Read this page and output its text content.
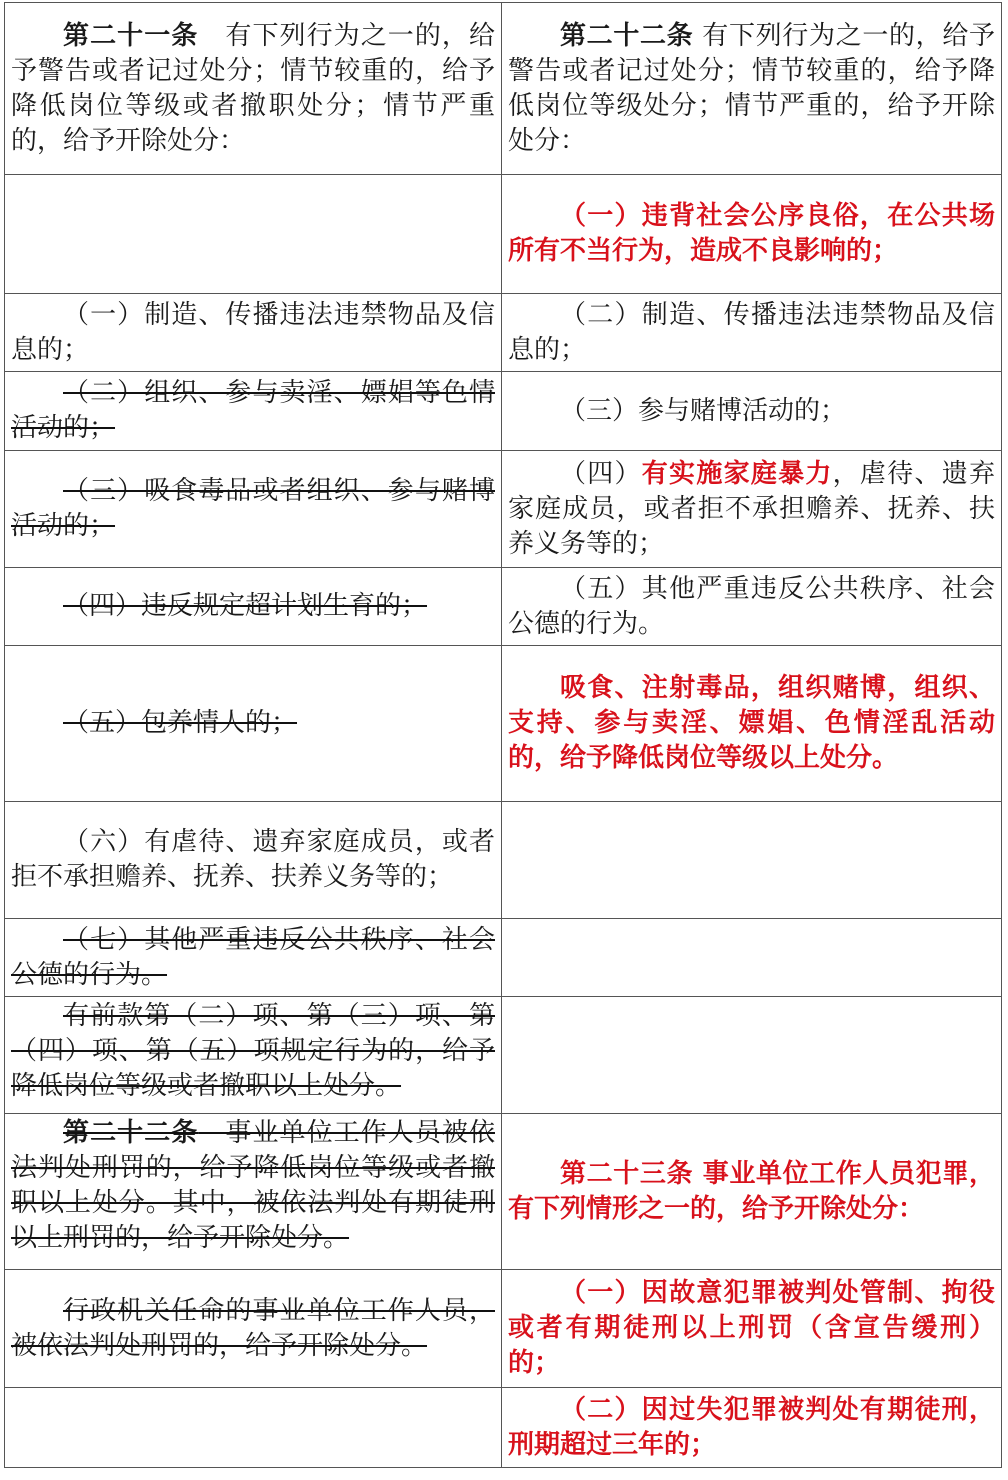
第二十一条　有下列行为之一的，给予警告或者记过处分；情节较重的，给予降低岗位等级或者撤职处分；情节严重的，给予开除处分：	第二十二条 有下列行为之一的，给予警告或者记过处分；情节较重的，给予降低岗位等级处分；情节严重的，给予开除处分：

	（一）违背社会公序良俗，在公共场所有不当行为，造成不良影响的；

（一）制造、传播违法违禁物品及信息的；	（二）制造、传播违法违禁物品及信息的；

（二）组织、参与卖淫、嫖娼等色情活动的；	（三）参与赌博活动的；

（三）吸食毒品或者组织、参与赌博活动的；	（四）有实施家庭暴力，虐待、遗弃家庭成员，或者拒不承担赡养、抚养、扶养义务等的；

（四）违反规定超计划生育的；	（五）其他严重违反公共秩序、社会公德的行为。

（五）包养情人的；	吸食、注射毒品，组织赌博，组织、支持、参与卖淫、嫖娼、色情淫乱活动的，给予降低岗位等级以上处分。

（六）有虐待、遗弃家庭成员，或者拒不承担赡养、抚养、扶养义务等的；	

（七）其他严重违反公共秩序、社会公德的行为。	

有前款第（二）项、第（三）项、第（四）项、第（五）项规定行为的，给予降低岗位等级或者撤职以上处分。	

第二十二条　事业单位工作人员被依法判处刑罚的，给予降低岗位等级或者撤职以上处分。其中，被依法判处有期徒刑以上刑罚的，给予开除处分。	第二十三条 事业单位工作人员犯罪，有下列情形之一的，给予开除处分：

行政机关任命的事业单位工作人员，被依法判处刑罚的，给予开除处分。	（一）因故意犯罪被判处管制、拘役或者有期徒刑以上刑罚（含宣告缓刑）的；

	（二）因过失犯罪被判处有期徒刑，刑期超过三年的；
